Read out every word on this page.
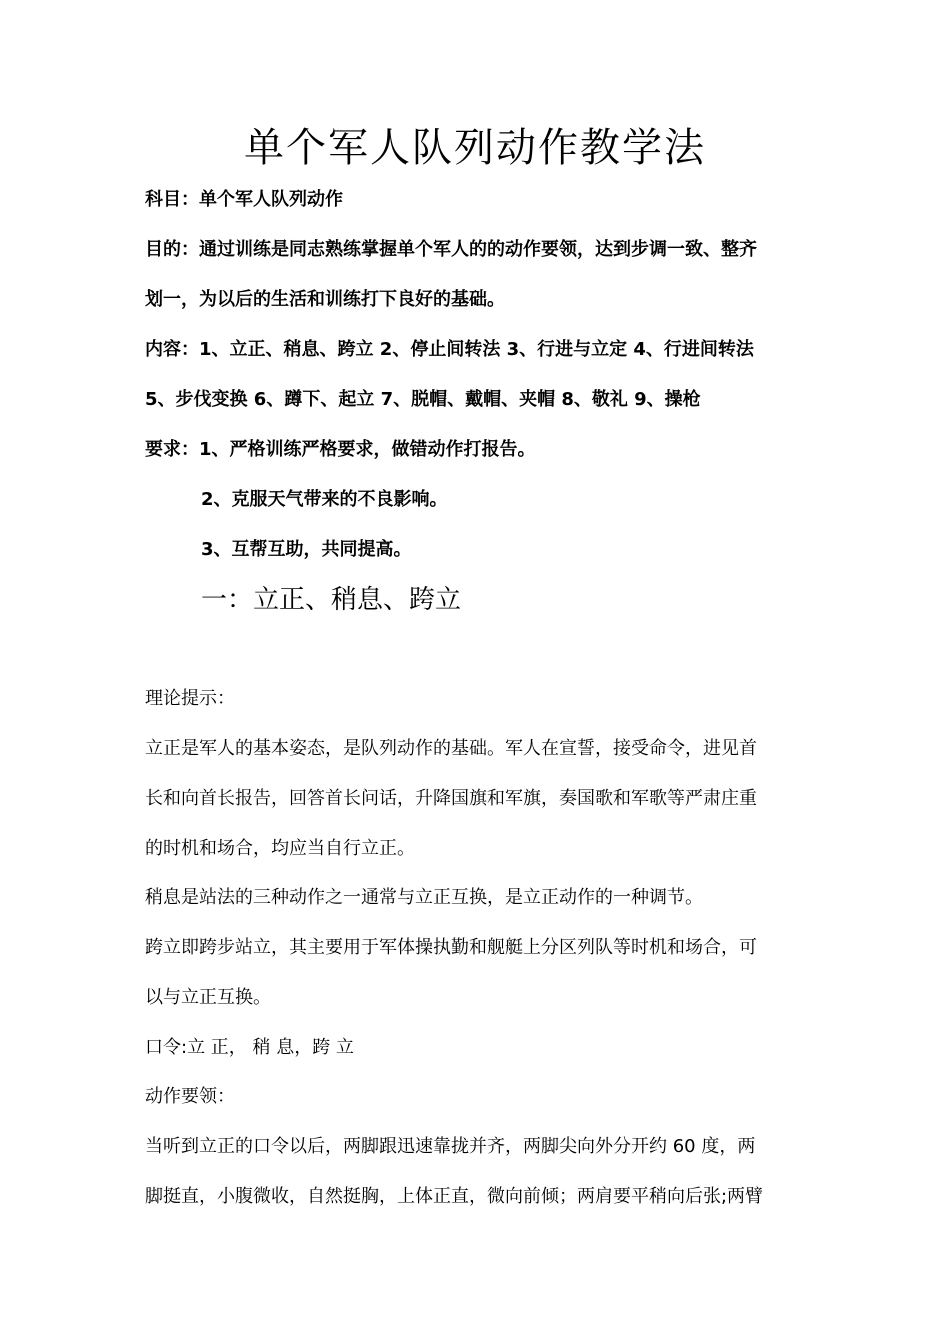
单个军人队列动作教学法
科目：单个军人队列动作
目的：通过训练是同志熟练掌握单个军人的的动作要领，达到步调一致、整齐
划一，为以后的生活和训练打下良好的基础。
内容：1、立正、稍息、跨立 2、停止间转法 3、行进与立定 4、行进间转法
5、步伐变换 6、蹲下、起立 7、脱帽、戴帽、夹帽 8、敬礼 9、操枪
要求：1、严格训练严格要求，做错动作打报告。
2、克服天气带来的不良影响。
3、互帮互助，共同提高。
一：立正、稍息、跨立
理论提示：
立正是军人的基本姿态，是队列动作的基础。军人在宣誓，接受命令，进见首
长和向首长报告，回答首长问话，升降国旗和军旗，奏国歌和军歌等严肃庄重
的时机和场合，均应当自行立正。
稍息是站法的三种动作之一通常与立正互换，是立正动作的一种调节。
跨立即跨步站立，其主要用于军体操执勤和舰艇上分区列队等时机和场合，可
以与立正互换。
口令:立 正， 稍 息，跨 立
动作要领：
当听到立正的口令以后，两脚跟迅速靠拢并齐，两脚尖向外分开约 60 度，两
脚挺直，小腹微收，自然挺胸，上体正直，微向前倾；两肩要平稍向后张;两臂
